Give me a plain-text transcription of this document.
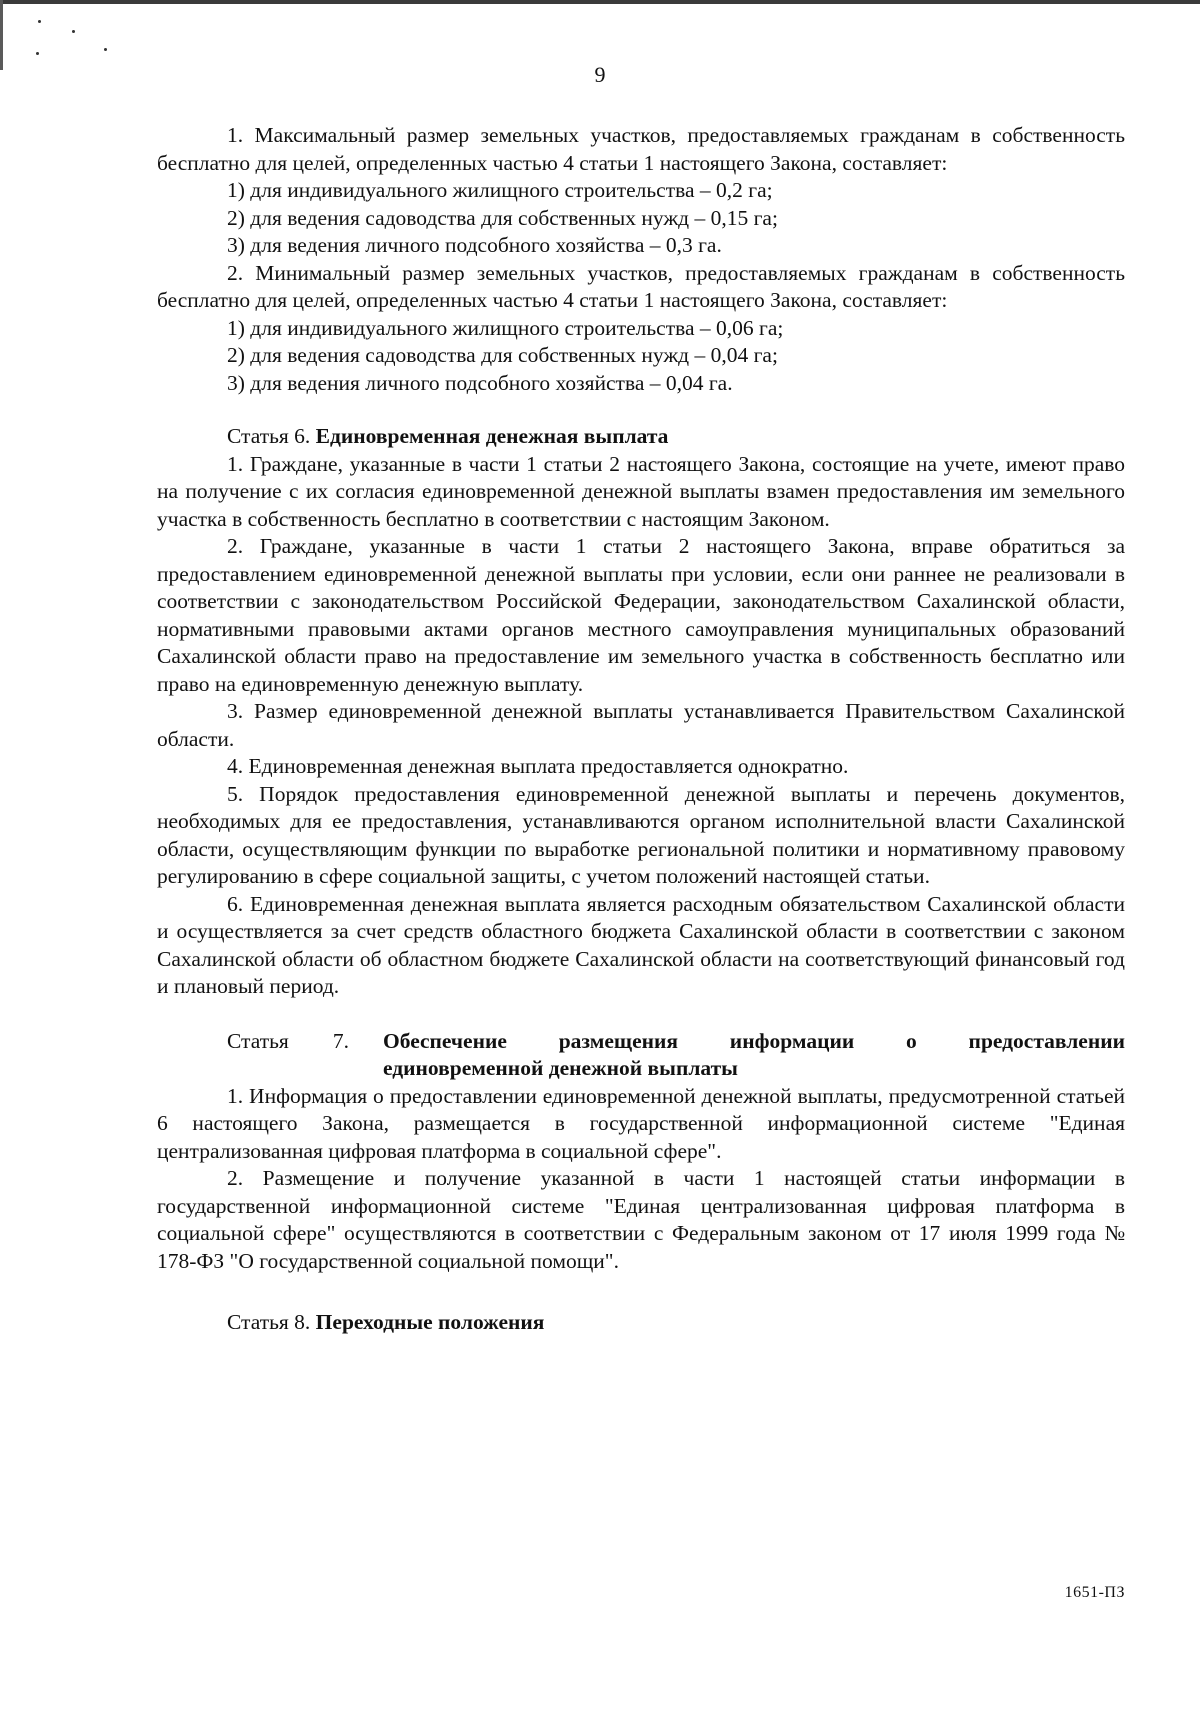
9

1. Максимальный размер земельных участков, предоставляемых гражданам в собственность бесплатно для целей, определенных частью 4 статьи 1 настоящего Закона, составляет:

1) для индивидуального жилищного строительства – 0,2 га;

2) для ведения садоводства для собственных нужд – 0,15 га;

3) для ведения личного подсобного хозяйства – 0,3 га.

2. Минимальный размер земельных участков, предоставляемых гражданам в собственность бесплатно для целей, определенных частью 4 статьи 1 настоящего Закона, составляет:

1) для индивидуального жилищного строительства – 0,06 га;

2) для ведения садоводства для собственных нужд – 0,04 га;

3) для ведения личного подсобного хозяйства – 0,04 га.

Статья 6. Единовременная денежная выплата

1. Граждане, указанные в части 1 статьи 2 настоящего Закона, состоящие на учете, имеют право на получение с их согласия единовременной денежной выплаты взамен предоставления им земельного участка в собственность бесплатно в соответствии с настоящим Законом.

2. Граждане, указанные в части 1 статьи 2 настоящего Закона, вправе обратиться за предоставлением единовременной денежной выплаты при условии, если они раннее не реализовали в соответствии с законодательством Российской Федерации, законодательством Сахалинской области, нормативными правовыми актами органов местного самоуправления муниципальных образований Сахалинской области право на предоставление им земельного участка в собственность бесплатно или право на единовременную денежную выплату.

3. Размер единовременной денежной выплаты устанавливается Правительством Сахалинской области.

4. Единовременная денежная выплата предоставляется однократно.

5. Порядок предоставления единовременной денежной выплаты и перечень документов, необходимых для ее предоставления, устанавливаются органом исполнительной власти Сахалинской области, осуществляющим функции по выработке региональной политики и нормативному правовому регулированию в сфере социальной защиты, с учетом положений настоящей статьи.

6. Единовременная денежная выплата является расходным обязательством Сахалинской области и осуществляется за счет средств областного бюджета Сахалинской области в соответствии с законом Сахалинской области об областном бюджете Сахалинской области на соответствующий финансовый год и плановый период.

Статья 7. Обеспечение размещения информации о предоставлении
единовременной денежной выплаты

1. Информация о предоставлении единовременной денежной выплаты, предусмотренной статьей 6 настоящего Закона, размещается в государственной информационной системе "Единая централизованная цифровая платформа в социальной сфере".

2. Размещение и получение указанной в части 1 настоящей статьи информации в государственной информационной системе "Единая централизованная цифровая платформа в социальной сфере" осуществляются в соответствии с Федеральным законом от 17 июля 1999 года № 178-ФЗ "О государственной социальной помощи".

Статья 8. Переходные положения

1651-ПЗ
